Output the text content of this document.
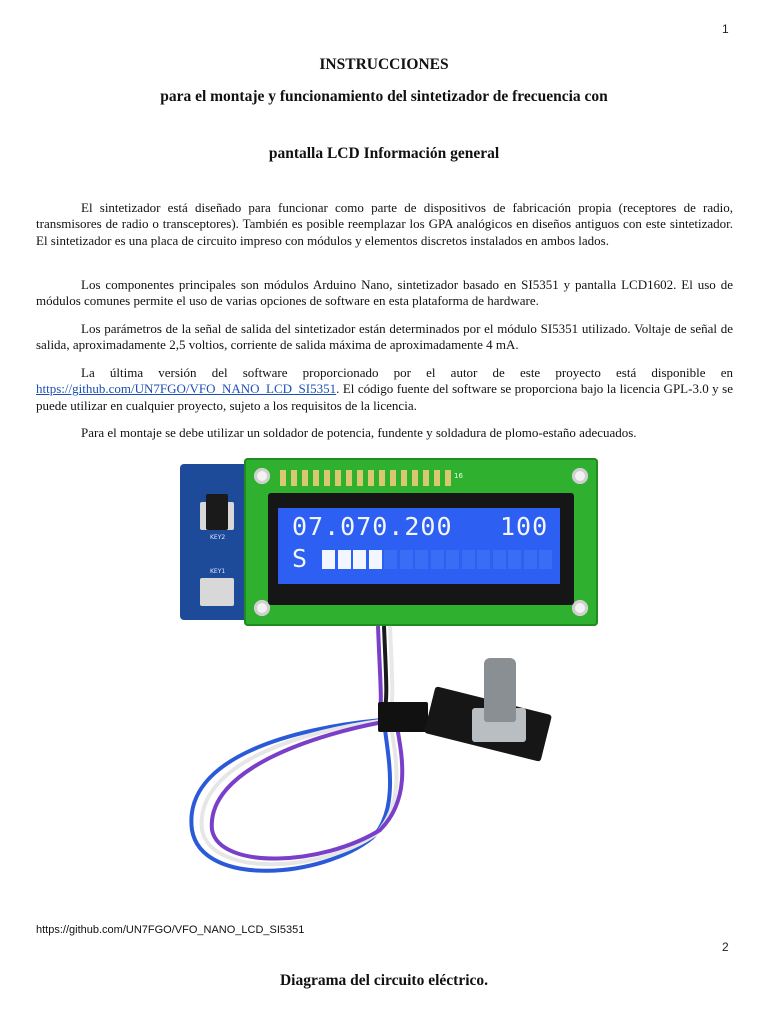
1
INSTRUCCIONES
para el montaje y funcionamiento del sintetizador de frecuencia con
pantalla LCD Información general

El sintetizador está diseñado para funcionar como parte de dispositivos de fabricación propia (receptores de radio, transmisores de radio o transceptores). También es posible reemplazar los GPA analógicos en diseños antiguos con este sintetizador. El sintetizador es una placa de circuito impreso con módulos y elementos discretos instalados en ambos lados.

Los componentes principales son módulos Arduino Nano, sintetizador basado en SI5351 y pantalla LCD1602. El uso de módulos comunes permite el uso de varias opciones de software en esta plataforma de hardware.

Los parámetros de la señal de salida del sintetizador están determinados por el módulo SI5351 utilizado. Voltaje de señal de salida, aproximadamente 2,5 voltios, corriente de salida máxima de aproximadamente 4 mA.

La última versión del software proporcionado por el autor de este proyecto está disponible en https://github.com/UN7FGO/VFO_NANO_LCD_SI5351. El código fuente del software se proporciona bajo la licencia GPL-3.0 y se puede utilizar en cualquier proyecto, sujeto a los requisitos de la licencia.

Para el montaje se debe utilizar un soldador de potencia, fundente y soldadura de plomo-estaño adecuados.

KEY2
KEY1
16
07.070.200 100
S
https://github.com/UN7FGO/VFO_NANO_LCD_SI5351
2
Diagrama del circuito eléctrico.
